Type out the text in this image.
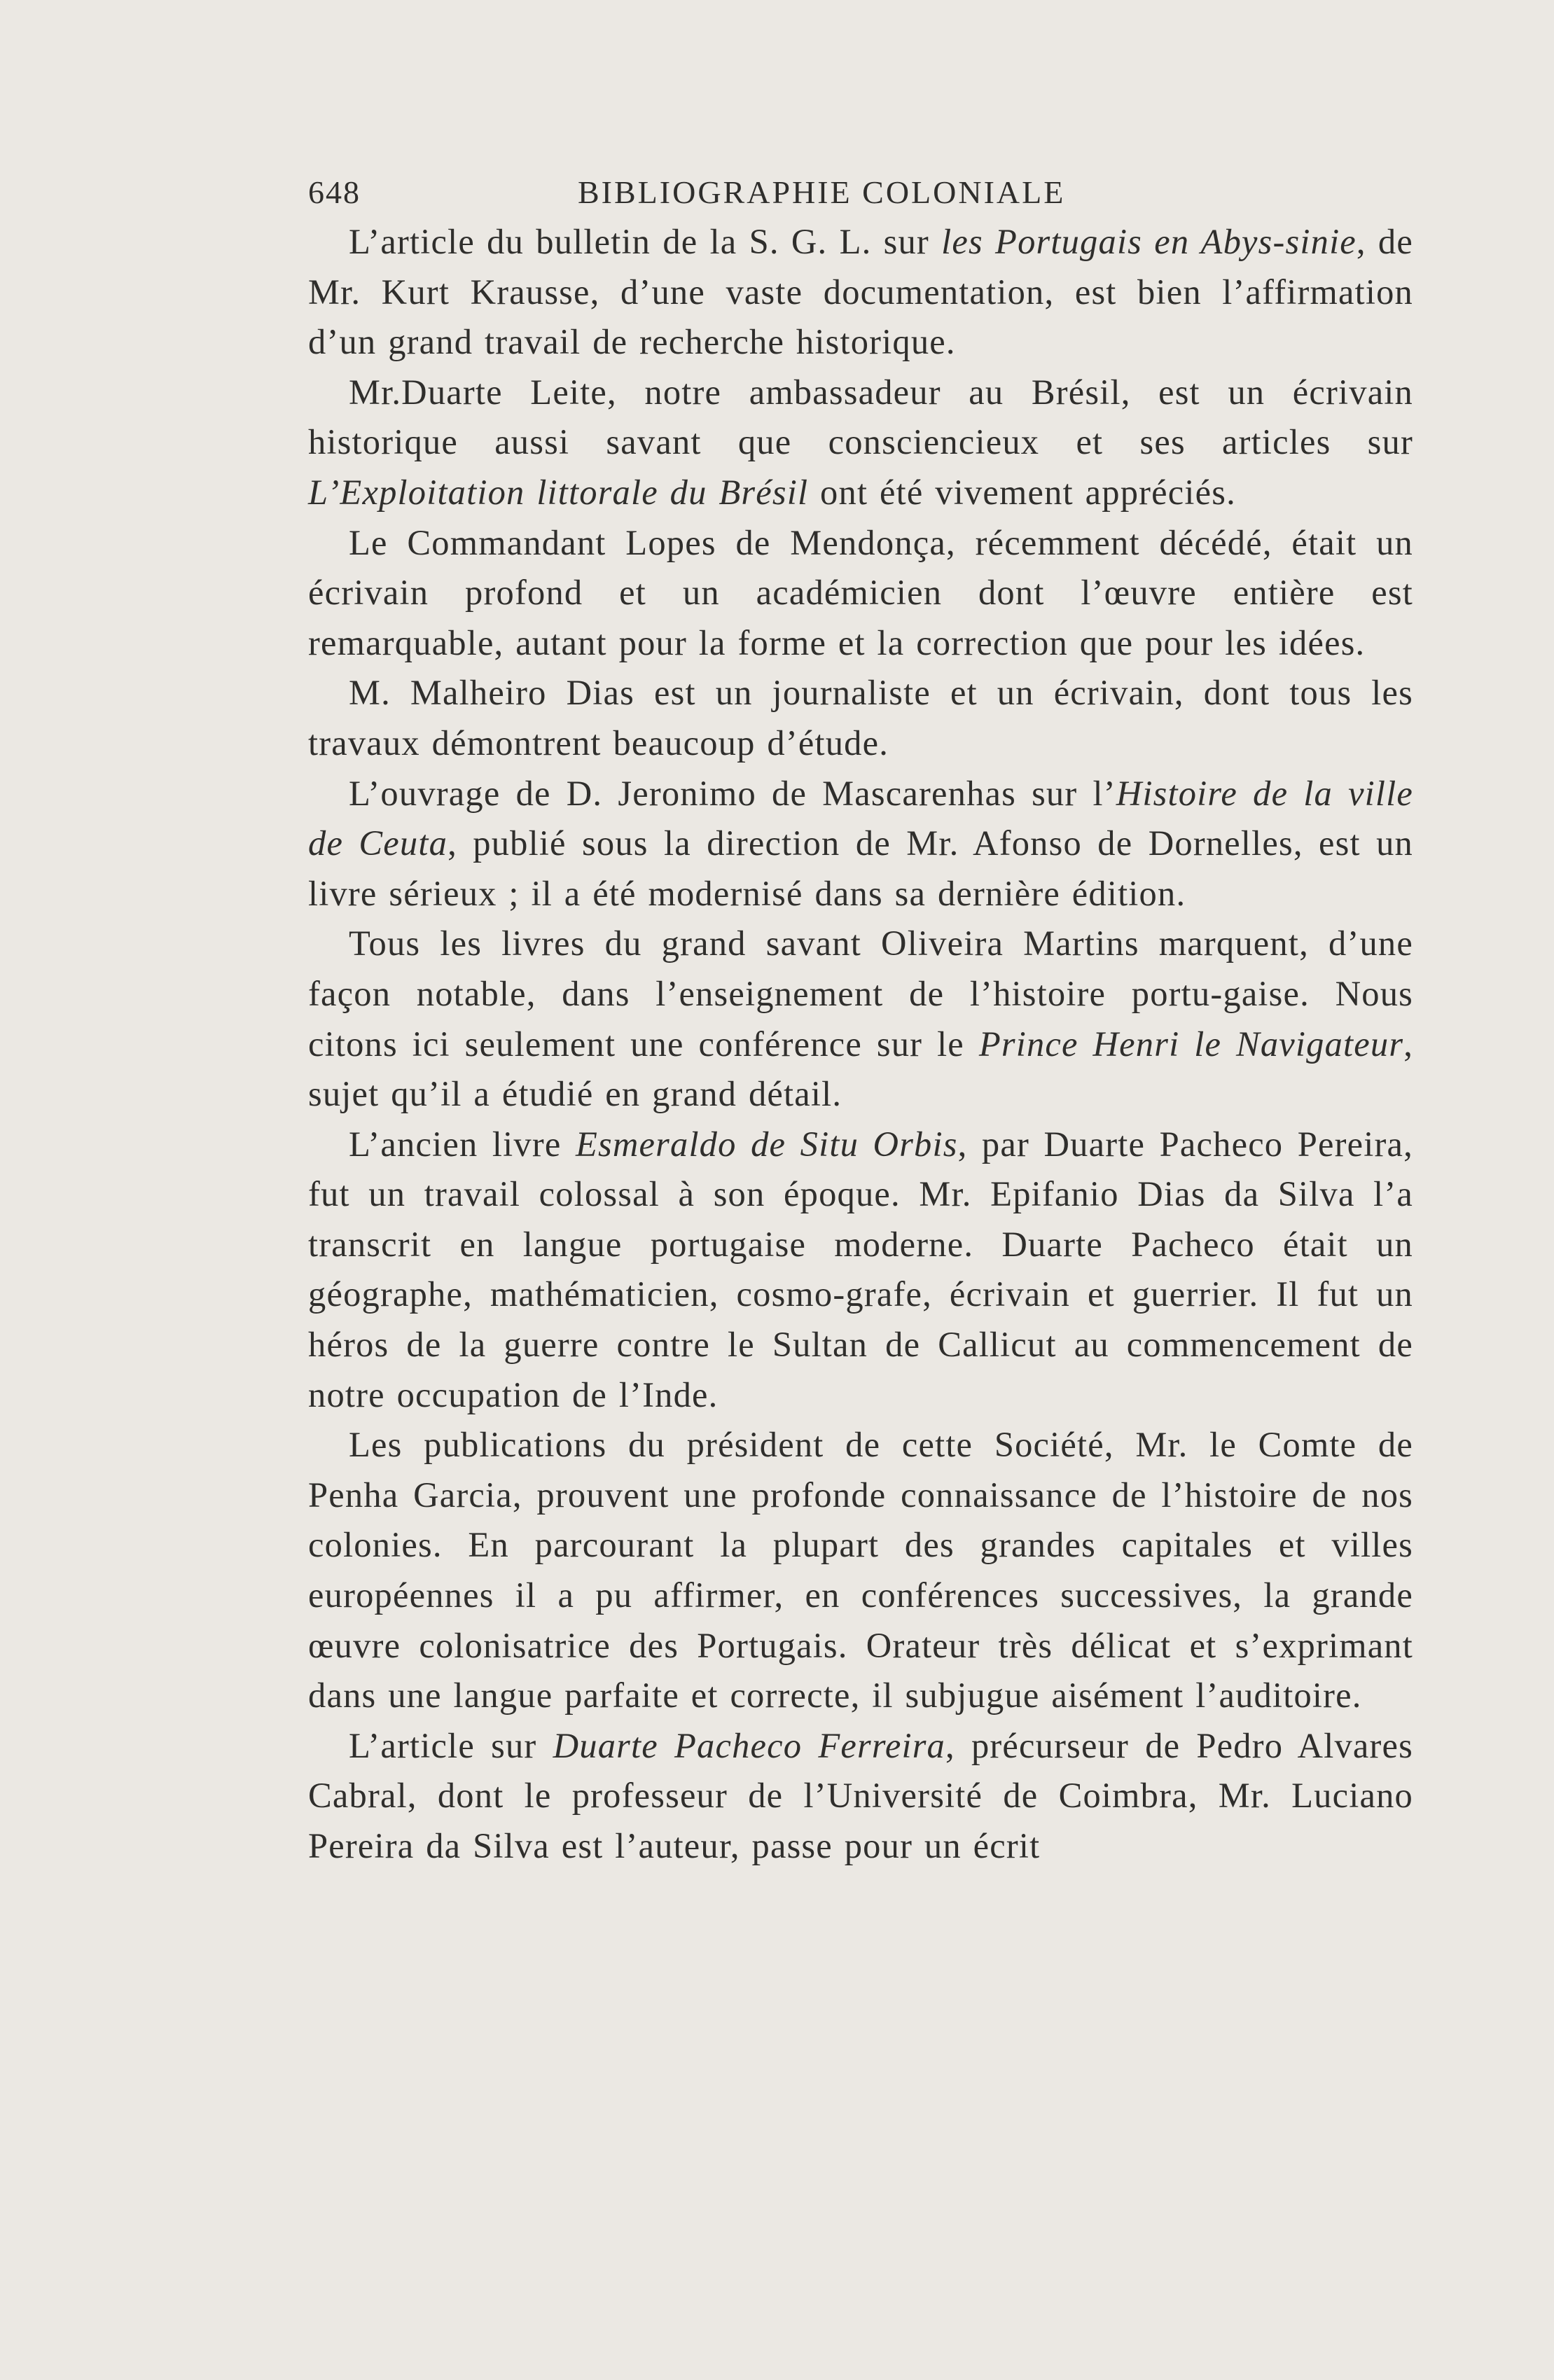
648	BIBLIOGRAPHIE COLONIALE

L’article du bulletin de la S. G. L. sur les Portugais en Abys-sinie, de Mr. Kurt Krausse, d’une vaste documentation, est bien l’affirmation d’un grand travail de recherche historique.

Mr.Duarte Leite, notre ambassadeur au Brésil, est un écrivain historique aussi savant que consciencieux et ses articles sur L’Exploitation littorale du Brésil ont été vivement appréciés.

Le Commandant Lopes de Mendonça, récemment décédé, était un écrivain profond et un académicien dont l’œuvre entière est remarquable, autant pour la forme et la correction que pour les idées.

M. Malheiro Dias est un journaliste et un écrivain, dont tous les travaux démontrent beaucoup d’étude.

L’ouvrage de D. Jeronimo de Mascarenhas sur l’Histoire de la ville de Ceuta, publié sous la direction de Mr. Afonso de Dornelles, est un livre sérieux ; il a été modernisé dans sa dernière édition.

Tous les livres du grand savant Oliveira Martins marquent, d’une façon notable, dans l’enseignement de l’histoire portu-gaise. Nous citons ici seulement une conférence sur le Prince Henri le Navigateur, sujet qu’il a étudié en grand détail.

L’ancien livre Esmeraldo de Situ Orbis, par Duarte Pacheco Pereira, fut un travail colossal à son époque. Mr. Epifanio Dias da Silva l’a transcrit en langue portugaise moderne. Duarte Pacheco était un géographe, mathématicien, cosmo-grafe, écrivain et guerrier. Il fut un héros de la guerre contre le Sultan de Callicut au commencement de notre occupation de l’Inde.

Les publications du président de cette Société, Mr. le Comte de Penha Garcia, prouvent une profonde connaissance de l’histoire de nos colonies. En parcourant la plupart des grandes capitales et villes européennes il a pu affirmer, en conférences successives, la grande œuvre colonisatrice des Portugais. Orateur très délicat et s’exprimant dans une langue parfaite et correcte, il subjugue aisément l’auditoire.

L’article sur Duarte Pacheco Ferreira, précurseur de Pedro Alvares Cabral, dont le professeur de l’Université de Coimbra, Mr. Luciano Pereira da Silva est l’auteur, passe pour un écrit
